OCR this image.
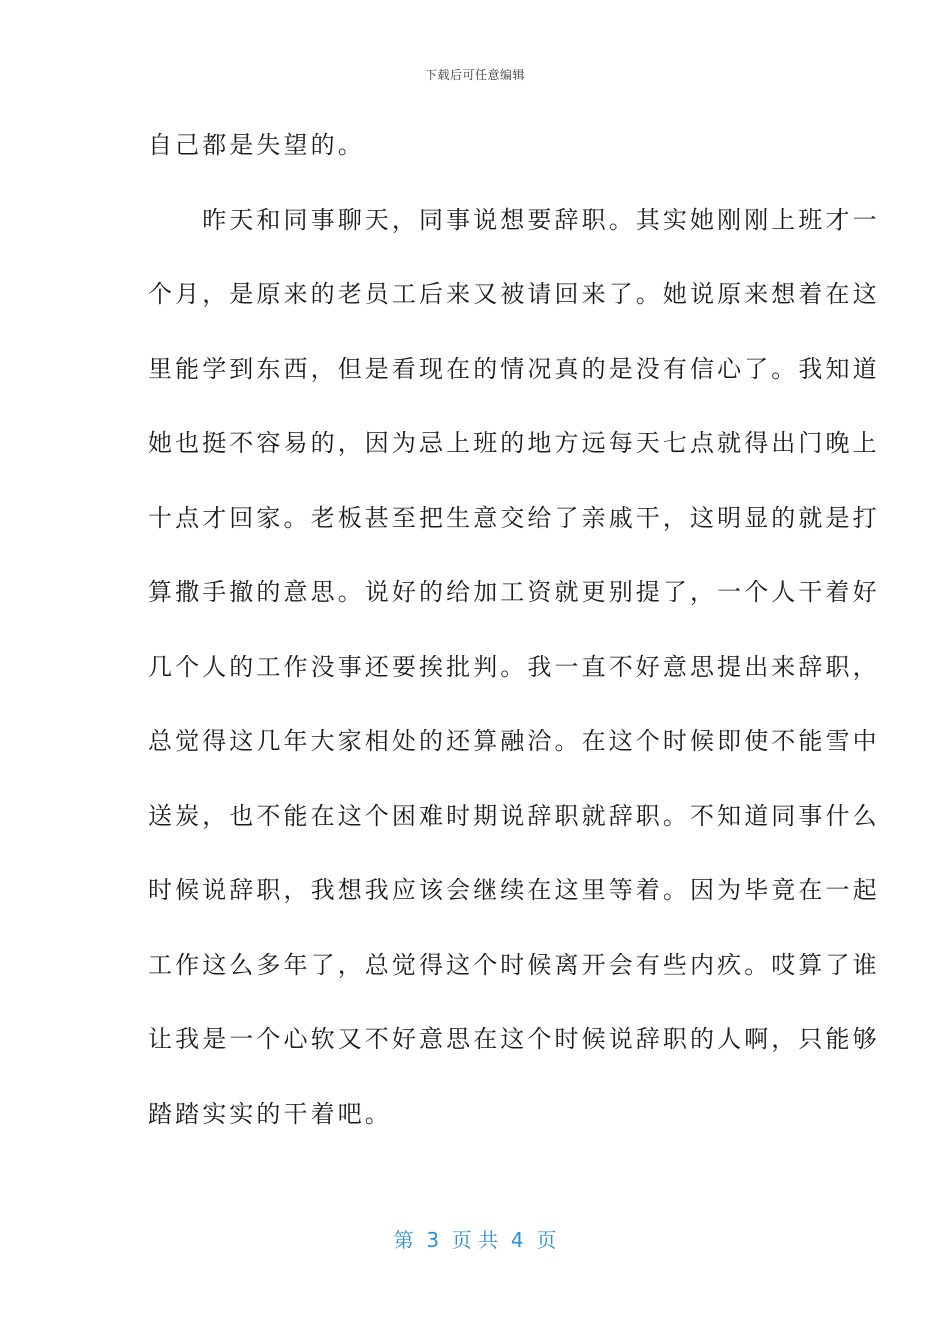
下载后可任意编辑
自己都是失望的。
　　昨天和同事聊天，同事说想要辞职。其实她刚刚上班才一
个月，是原来的老员工后来又被请回来了。她说原来想着在这
里能学到东西，但是看现在的情况真的是没有信心了。我知道
她也挺不容易的，因为忌上班的地方远每天七点就得出门晚上
十点才回家。老板甚至把生意交给了亲戚干，这明显的就是打
算撒手撤的意思。说好的给加工资就更别提了，一个人干着好
几个人的工作没事还要挨批判。我一直不好意思提出来辞职，
总觉得这几年大家相处的还算融洽。在这个时候即使不能雪中
送炭，也不能在这个困难时期说辞职就辞职。不知道同事什么
时候说辞职，我想我应该会继续在这里等着。因为毕竟在一起
工作这么多年了，总觉得这个时候离开会有些内疚。哎算了谁
让我是一个心软又不好意思在这个时候说辞职的人啊，只能够
踏踏实实的干着吧。
第  3  页 共  4  页
